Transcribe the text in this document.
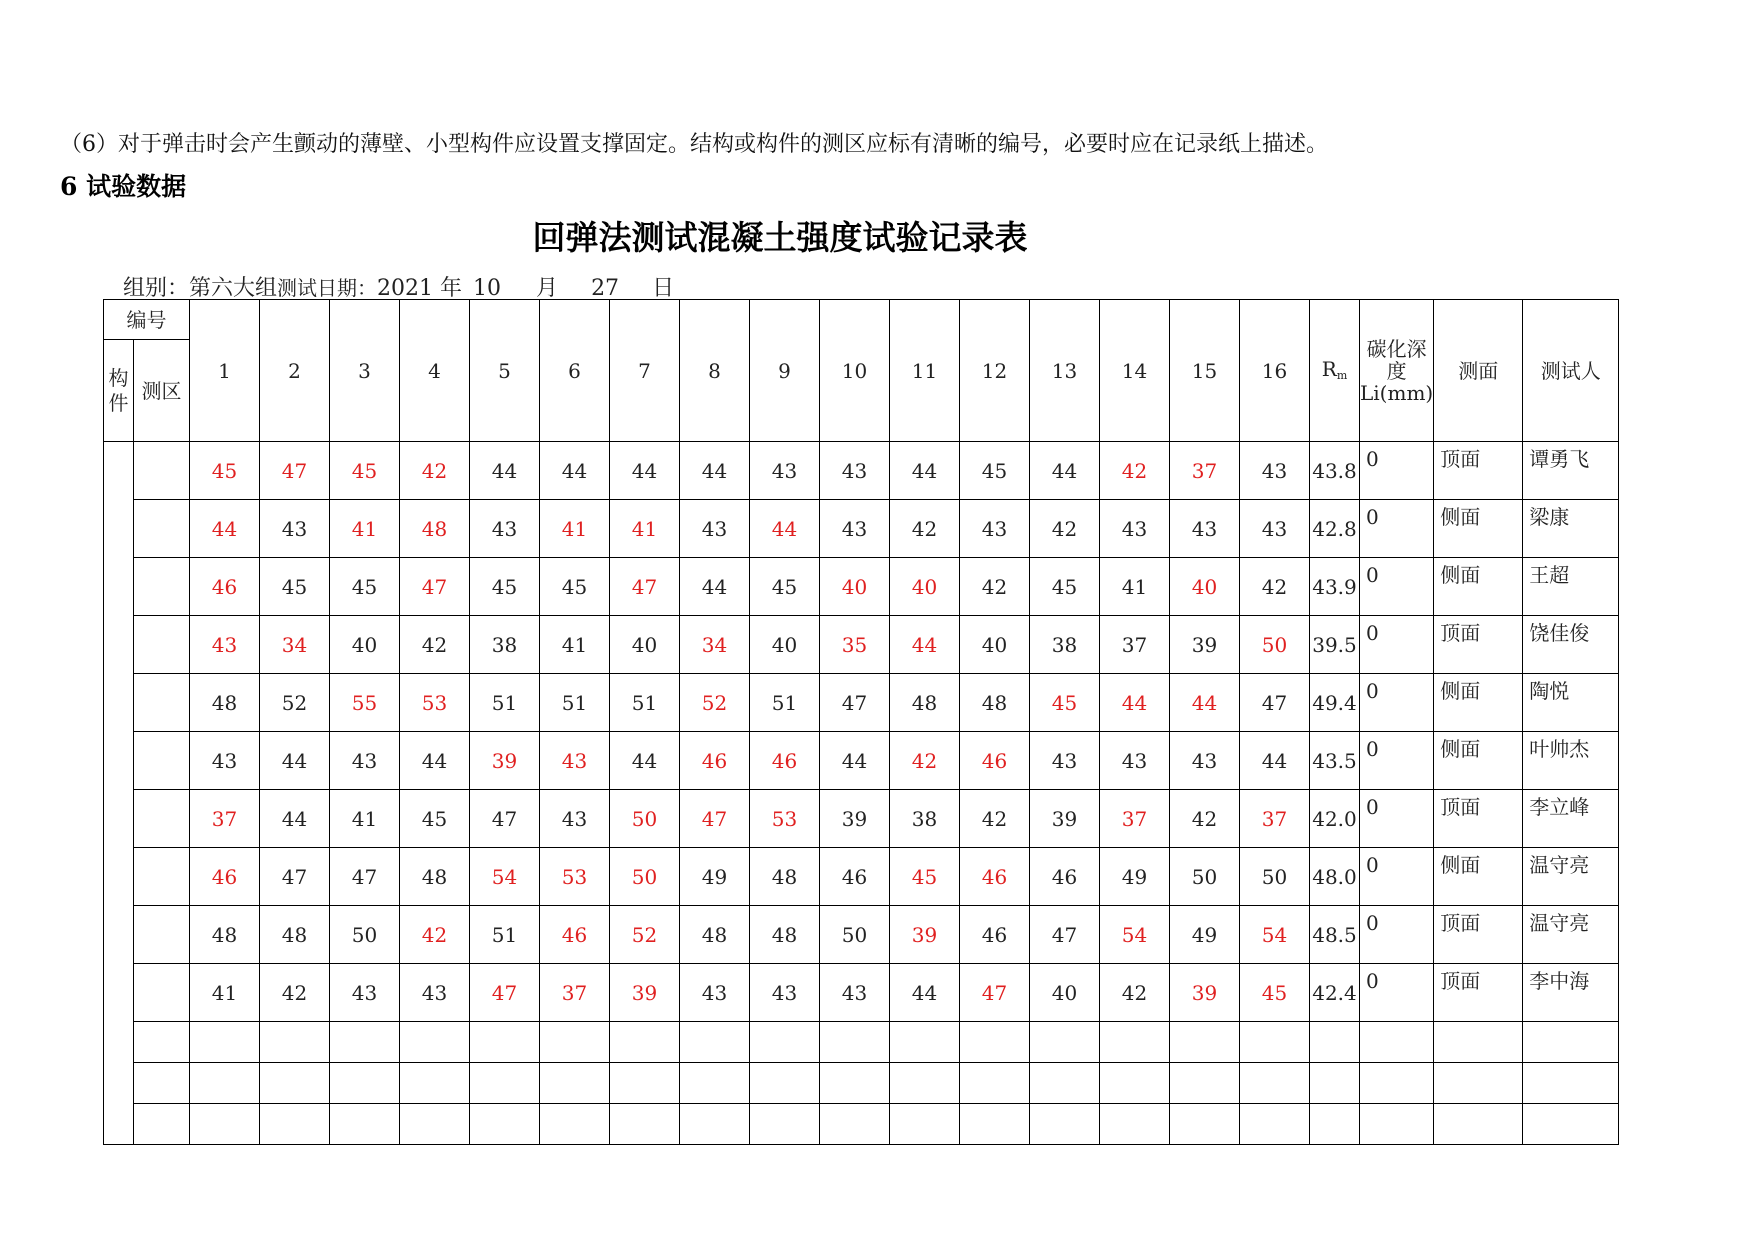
（6）对于弹击时会产生颤动的薄壁、小型构件应设置支撑固定。结构或构件的测区应标有清晰的编号，必要时应在记录纸上描述。
6 试验数据
回弹法测试混凝土强度试验记录表
组别：第六大组测试日期：2021 年 10 月 27 日
编号		1	2	3	4	5	6	7	8	9	10	11	12	13	14	15	16	$R_m$	碳化深度Li(mm)	测面	测试人
构件	测区																				
		45	47	45	42	44	44	44	44	43	43	44	45	44	42	37	43	43.8	0	顶面	谭勇飞
		44	43	41	48	43	41	41	43	44	43	42	43	42	43	43	43	42.8	0	侧面	梁康
		46	45	45	47	45	45	47	44	45	40	40	42	45	41	40	42	43.9	0	侧面	王超
		43	34	40	42	38	41	40	34	40	35	44	40	38	37	39	50	39.5	0	顶面	饶佳俊
		48	52	55	53	51	51	51	52	51	47	48	48	45	44	44	47	49.4	0	侧面	陶悦
		43	44	43	44	39	43	44	46	46	44	42	46	43	43	43	44	43.5	0	侧面	叶帅杰
		37	44	41	45	47	43	50	47	53	39	38	42	39	37	42	37	42.0	0	顶面	李立峰
		46	47	47	48	54	53	50	49	48	46	45	46	46	49	50	50	48.0	0	侧面	温守亮
		48	48	50	42	51	46	52	48	48	50	39	46	47	54	49	54	48.5	0	顶面	温守亮
		41	42	43	43	47	37	39	43	43	43	44	47	40	42	39	45	42.4	0	顶面	李中海
